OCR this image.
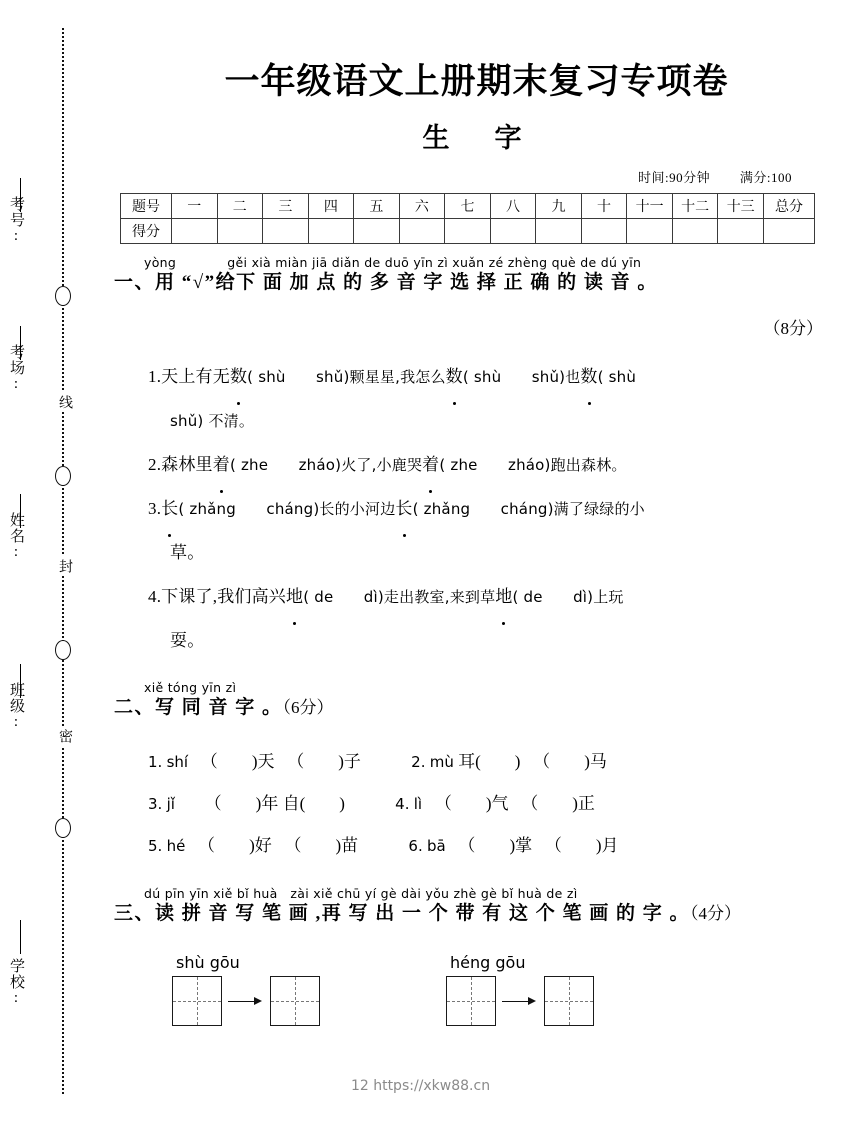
考号:
考场:
姓名:
班级:
学校:
线
封
密
一年级语文上册期末复习专项卷
生　字
时间:90分钟 满分:100
题号	一	二	三	四	五	六	七	八	九	十	十一	十二	十三	总分
得分														
yòng　　　　gěi xià miàn jiā diǎn de duō yīn zì xuǎn zé zhèng què de dú yīn
一、用 “√”给下 面 加 点 的 多 音 字 选 择 正 确 的 读 音 。
（8分）
1.天上有无数( shù　　shǔ)颗星星,我怎么数( shù　　shǔ)也数( shù
shǔ) 不清。
2.森林里着( zhe　　zháo)火了,小鹿哭着( zhe　　zháo)跑出森林。
3.长( zhǎng　　cháng)长的小河边长( zhǎng　　cháng)满了绿绿的小
草。
4.下课了,我们高兴地( de　　dì)走出教室,来到草地( de　　dì)上玩
耍。
xiě tóng yīn zì
二、写 同 音 字 。（6分）
1. shí 　（　　)天 　（　　)子	2. mù 耳(　　 ) 　（　　)马
3. jǐ 　　（　　)年 自(　　 )	4. lì 　（　　)气 　（　　)正
5. hé 　（　　)好 　（　　)苗	6. bā 　（　　)掌 　（　　)月
dú pīn yīn xiě bǐ huà　zài xiě chū yí gè dài yǒu zhè gè bǐ huà de zì
三、读 拼 音 写 笔 画 ,再 写 出 一 个 带 有 这 个 笔 画 的 字 。（4分）
shù gōu	héng gōu
12 https://xkw88.cn
